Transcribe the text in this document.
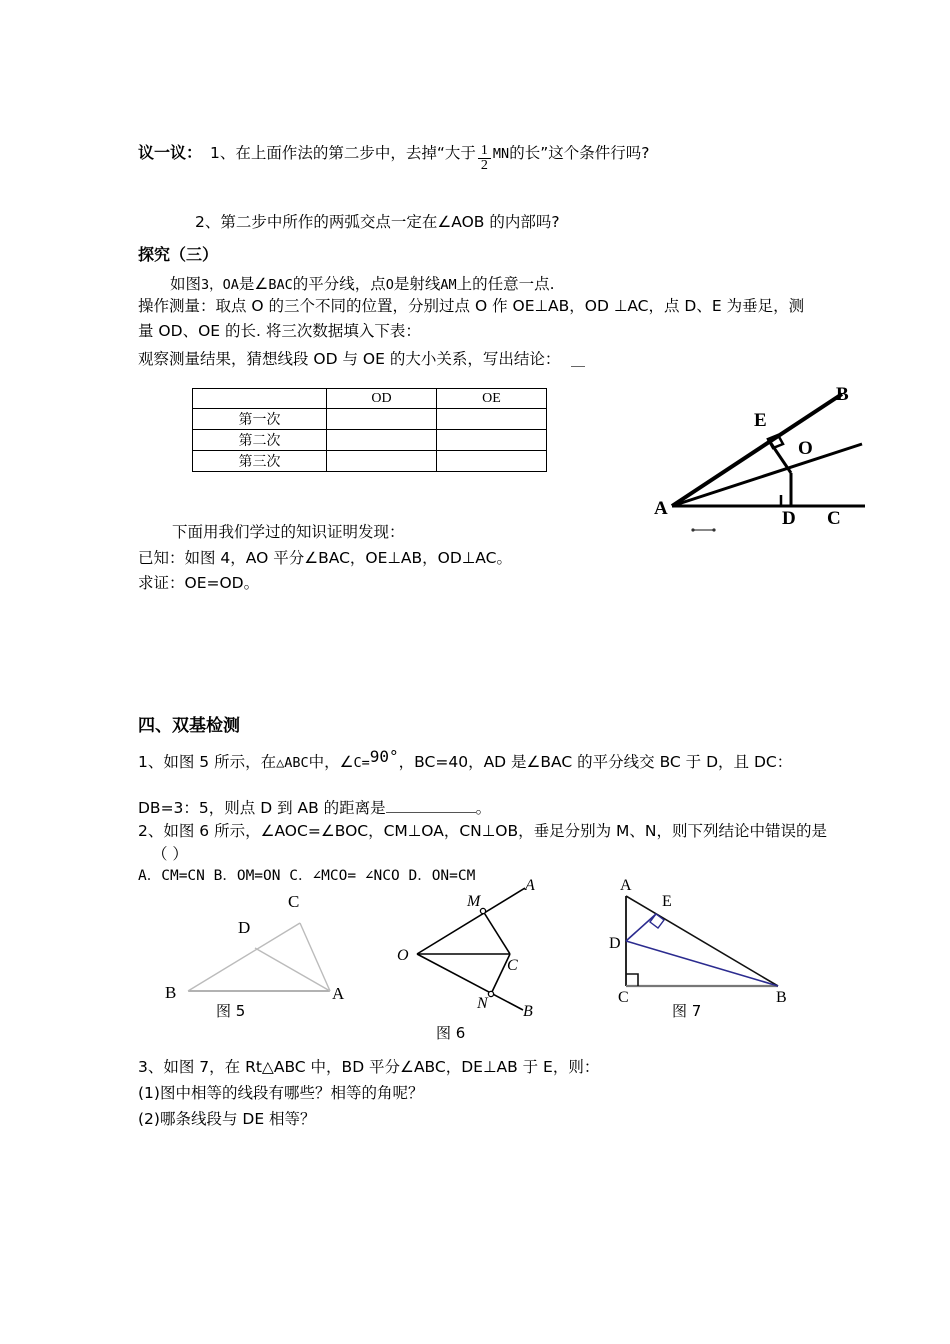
议一议： 1、在上面作法的第二步中，去掉“大于 $\frac{1}{2}$ MN 的长”这个条件行吗?
2、第二步中所作的两弧交点一定在∠AOB 的内部吗?
探究（三）
如图 3， OA 是∠ BAC 的平分线，点 O 是射线 AM 上的任意一点.
操作测量：取点 O 的三个不同的位置，分别过点 O 作 OE⊥AB，OD ⊥AC，点 D、E 为垂足，测
量 OD、OE 的长. 将三次数据填入下表：
观察测量结果，猜想线段 OD 与 OE 的大小关系，写出结论：
	OD	OE
第一次		
第二次		
第三次		
A
B
C
D
E
O
下面用我们学过的知识证明发现：
已知：如图 4，AO 平分∠BAC，OE⊥AB，OD⊥AC。
求证：OE=OD。
四、双基检测
1、如图 5 所示，在 △ABC 中，∠ C= 90° ，BC=40，AD 是∠BAC 的平分线交 BC 于 D，且 DC：
DB=3：5，则点 D 到 AB 的距离是	。
2、如图 6 所示，∠AOC=∠BOC，CM⊥OA，CN⊥OB，垂足分别为 M、N，则下列结论中错误的是
（ ）
A．CM=CN B．OM=ON C．∠MCO= ∠NCO D．ON=CM
B	A
C
D
图 5
O
A
B
C
M
N
图 6
A
B
C
D
E
图 7
3、如图 7，在 Rt△ABC 中，BD 平分∠ABC，DE⊥AB 于 E，则：
(1)图中相等的线段有哪些？相等的角呢？
(2)哪条线段与 DE 相等？
